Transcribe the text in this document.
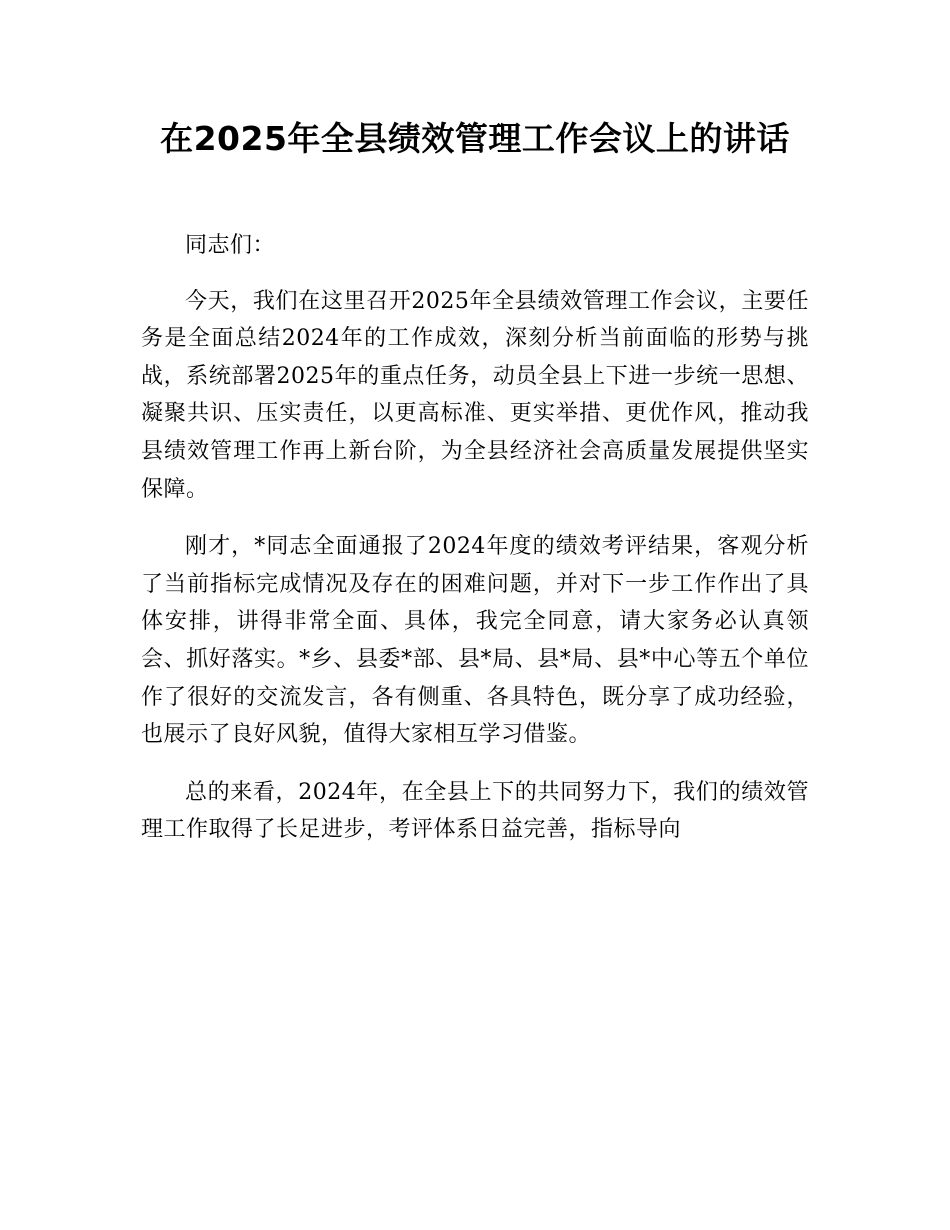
在2025年全县绩效管理工作会议上的讲话

同志们：

今天，我们在这里召开2025年全县绩效管理工作会议，主要任务是全面总结2024年的工作成效，深刻分析当前面临的形势与挑战，系统部署2025年的重点任务，动员全县上下进一步统一思想、凝聚共识、压实责任，以更高标准、更实举措、更优作风，推动我县绩效管理工作再上新台阶，为全县经济社会高质量发展提供坚实保障。

刚才，*同志全面通报了2024年度的绩效考评结果，客观分析了当前指标完成情况及存在的困难问题，并对下一步工作作出了具体安排，讲得非常全面、具体，我完全同意，请大家务必认真领会、抓好落实。*乡、县委*部、县*局、县*局、县*中心等五个单位作了很好的交流发言，各有侧重、各具特色，既分享了成功经验，也展示了良好风貌，值得大家相互学习借鉴。

总的来看，2024年，在全县上下的共同努力下，我们的绩效管理工作取得了长足进步，考评体系日益完善，指标导向
